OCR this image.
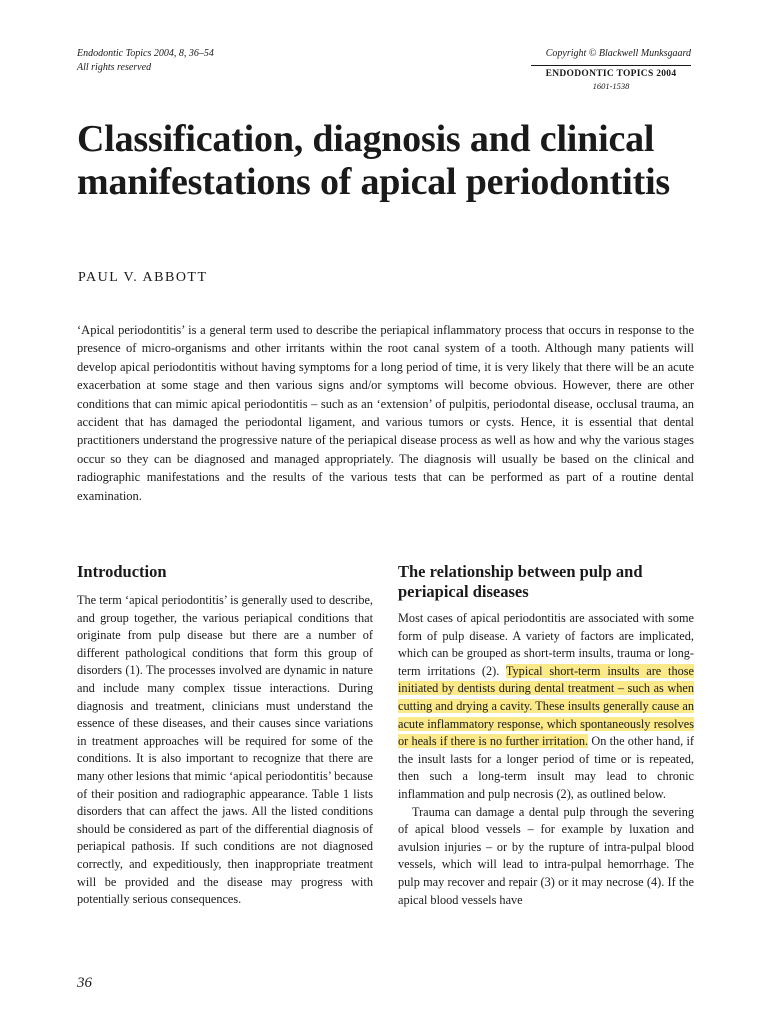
Endodontic Topics 2004, 8, 36–54
All rights reserved
Copyright © Blackwell Munksgaard
ENDODONTIC TOPICS 2004
1601-1538
Classification, diagnosis and clinical manifestations of apical periodontitis
PAUL V. ABBOTT

‘Apical periodontitis’ is a general term used to describe the periapical inflammatory process that occurs in response to the presence of micro-organisms and other irritants within the root canal system of a tooth. Although many patients will develop apical periodontitis without having symptoms for a long period of time, it is very likely that there will be an acute exacerbation at some stage and then various signs and/or symptoms will become obvious. However, there are other conditions that can mimic apical periodontitis – such as an ‘extension’ of pulpitis, periodontal disease, occlusal trauma, an accident that has damaged the periodontal ligament, and various tumors or cysts. Hence, it is essential that dental practitioners understand the progressive nature of the periapical disease process as well as how and why the various stages occur so they can be diagnosed and managed appropriately. The diagnosis will usually be based on the clinical and radiographic manifestations and the results of the various tests that can be performed as part of a routine dental examination.

Introduction

The term ‘apical periodontitis’ is generally used to describe, and group together, the various periapical conditions that originate from pulp disease but there are a number of different pathological conditions that form this group of disorders (1). The processes involved are dynamic in nature and include many complex tissue interactions. During diagnosis and treatment, clinicians must understand the essence of these diseases, and their causes since variations in treatment approaches will be required for some of the conditions. It is also important to recognize that there are many other lesions that mimic ‘apical periodontitis’ because of their position and radiographic appearance. Table 1 lists disorders that can affect the jaws. All the listed conditions should be considered as part of the differential diagnosis of periapical pathosis. If such conditions are not diagnosed correctly, and expeditiously, then inappropriate treatment will be provided and the disease may progress with potentially serious consequences.

The relationship between pulp and periapical diseases

Most cases of apical periodontitis are associated with some form of pulp disease. A variety of factors are implicated, which can be grouped as short-term insults, trauma or long-term irritations (2). Typical short-term insults are those initiated by dentists during dental treatment – such as when cutting and drying a cavity. These insults generally cause an acute inflammatory response, which spontaneously resolves or heals if there is no further irritation. On the other hand, if the insult lasts for a longer period of time or is repeated, then such a long-term insult may lead to chronic inflammation and pulp necrosis (2), as outlined below.

Trauma can damage a dental pulp through the severing of apical blood vessels – for example by luxation and avulsion injuries – or by the rupture of intra-pulpal blood vessels, which will lead to intra-pulpal hemorrhage. The pulp may recover and repair (3) or it may necrose (4). If the apical blood vessels have

36
